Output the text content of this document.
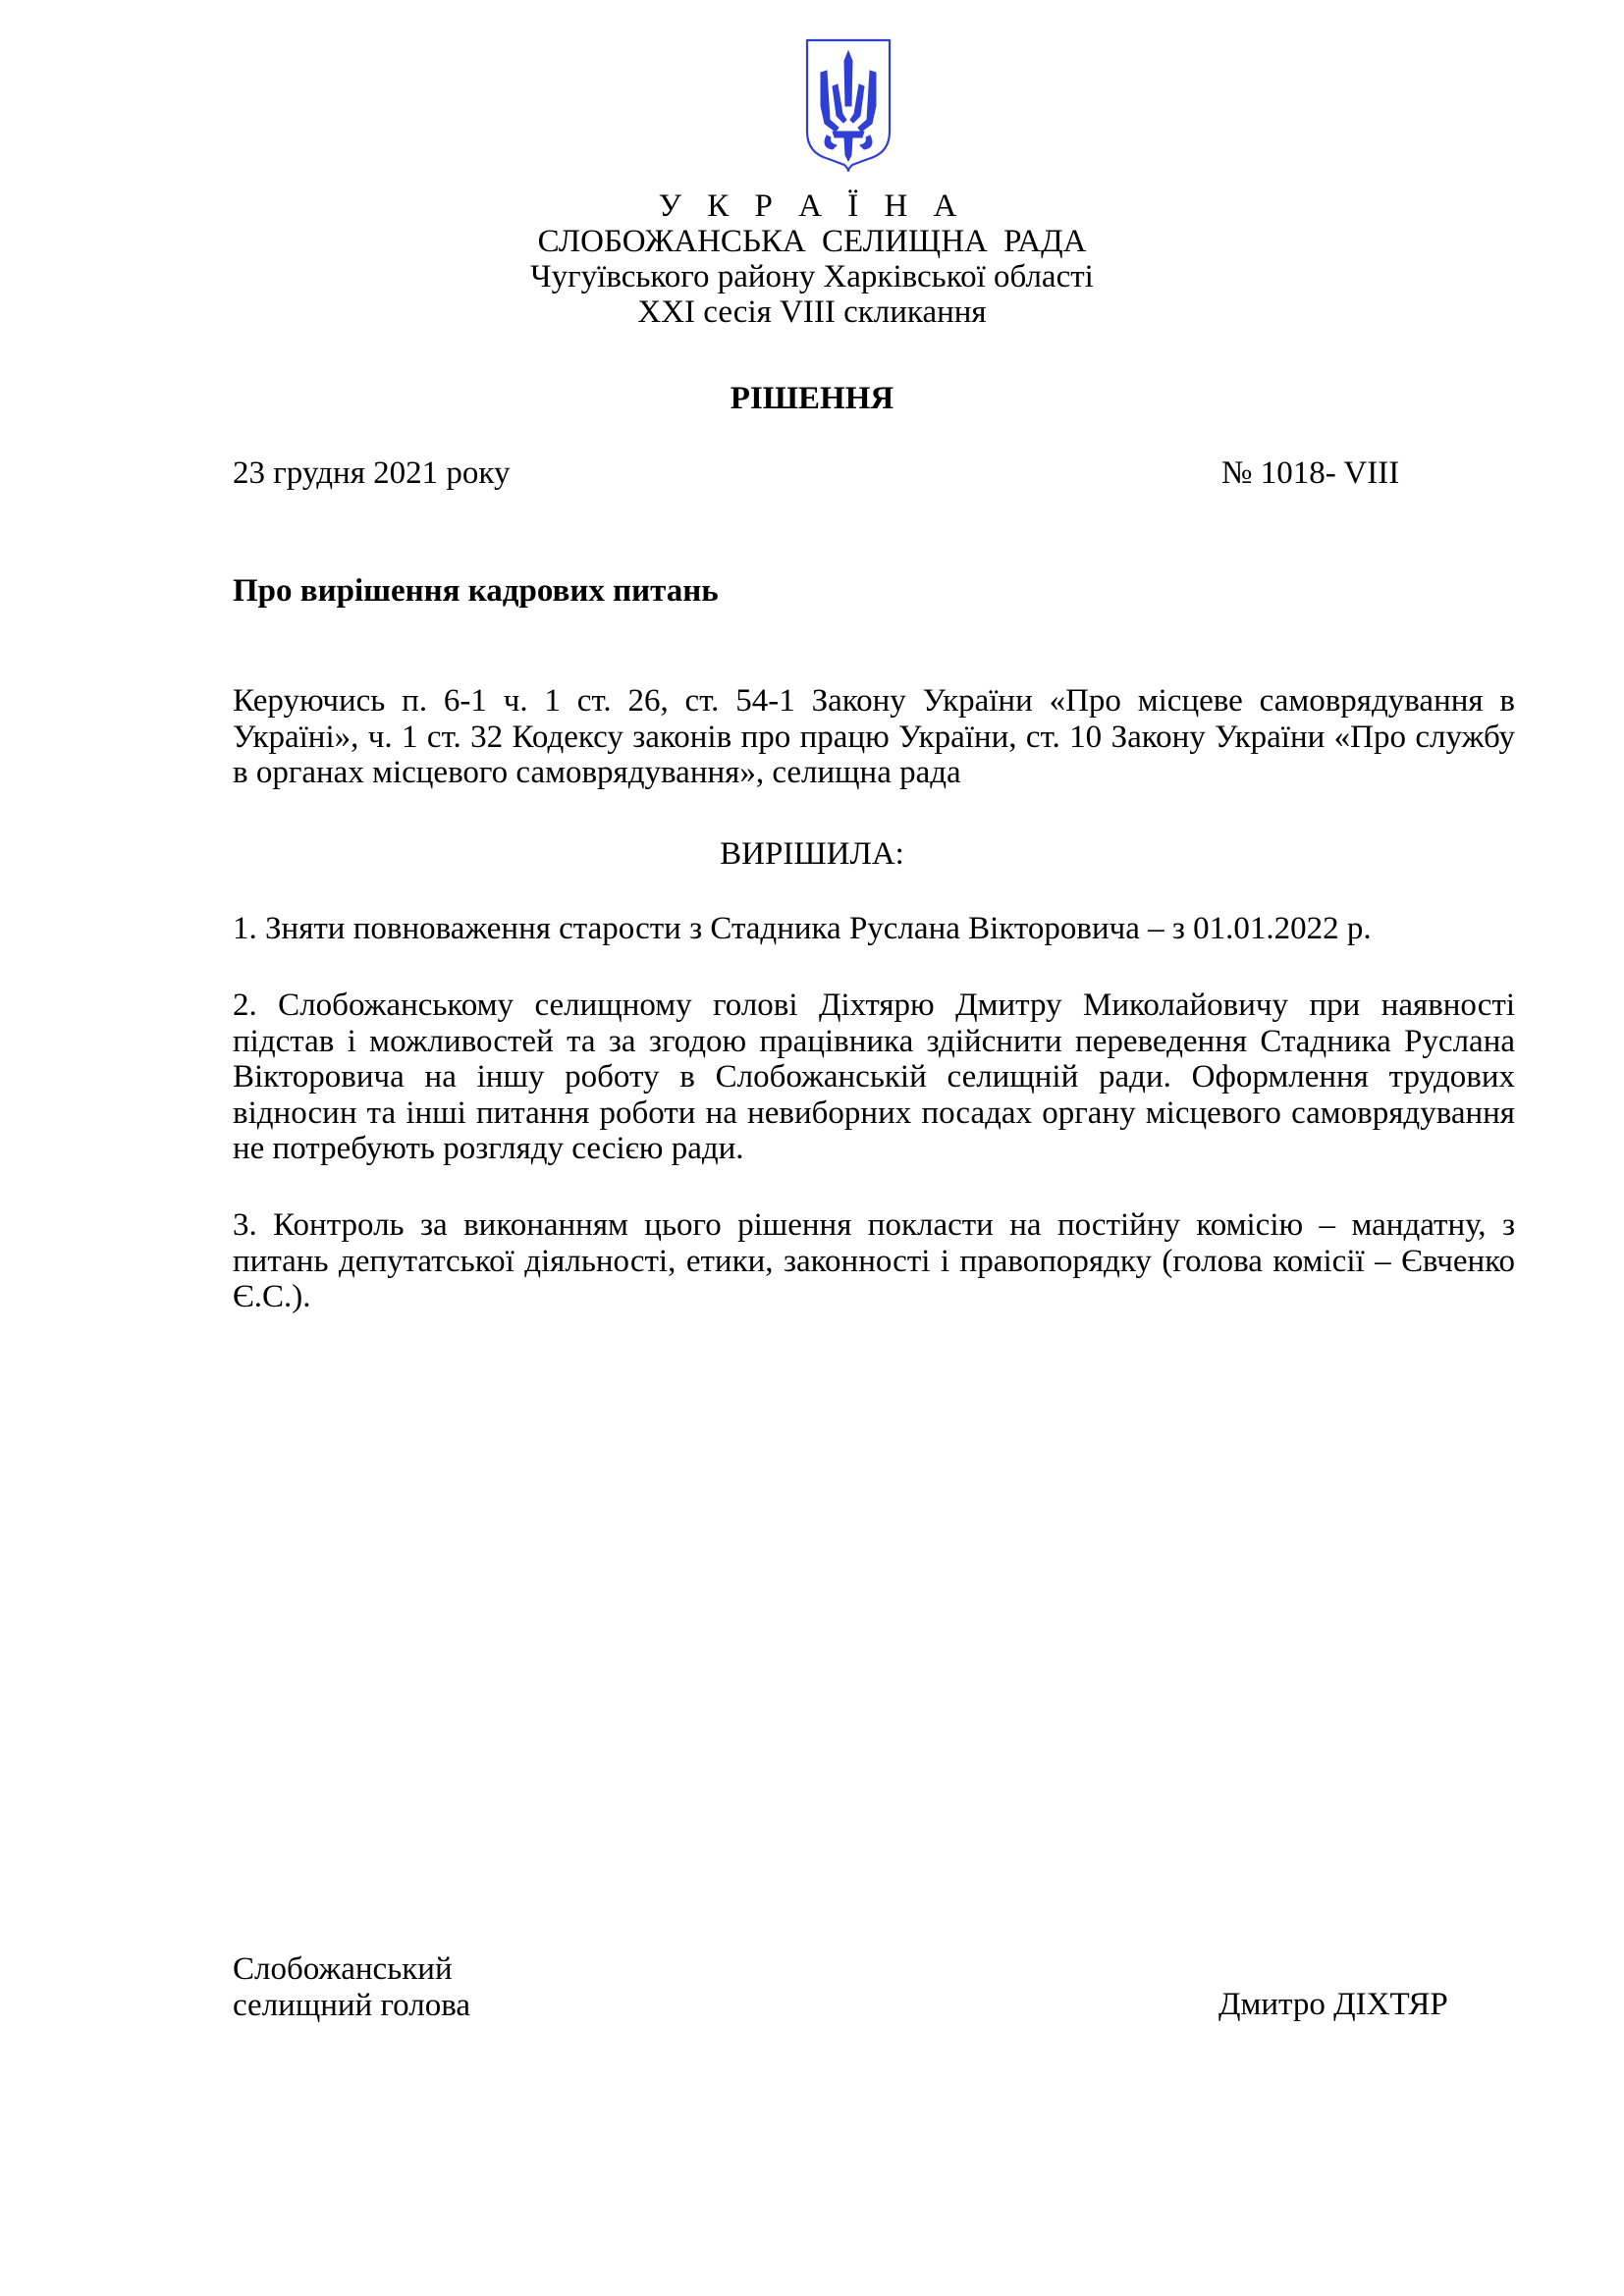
У К Р А Ї Н А
СЛОБОЖАНСЬКА СЕЛИЩНА РАДА
Чугуївського району Харківської області
XXI сесія VIII скликання
РІШЕННЯ
23 грудня 2021 року	№ 1018- VIII
Про вирішення кадрових питань
Керуючись п. 6-1 ч. 1 ст. 26, ст. 54-1 Закону України «Про місцеве самоврядування в Україні», ч. 1 ст. 32 Кодексу законів про працю України, ст. 10 Закону України «Про службу в органах місцевого самоврядування», селищна рада
ВИРІШИЛА:
1. Зняти повноваження старости з Стадника Руслана Вікторовича – з 01.01.2022 р.
2. Слобожанському селищному голові Діхтярю Дмитру Миколайовичу при наявності підстав і можливостей та за згодою працівника здійснити переведення Стадника Руслана Вікторовича на іншу роботу в Слобожанській селищній ради. Оформлення трудових відносин та інші питання роботи на невиборних посадах органу місцевого самоврядування не потребують розгляду сесією ради.
3. Контроль за виконанням цього рішення покласти на постійну комісію – мандатну, з питань депутатської діяльності, етики, законності і правопорядку (голова комісії – Євченко Є.С.).
Слобожанський
селищний голова	Дмитро ДІХТЯР
